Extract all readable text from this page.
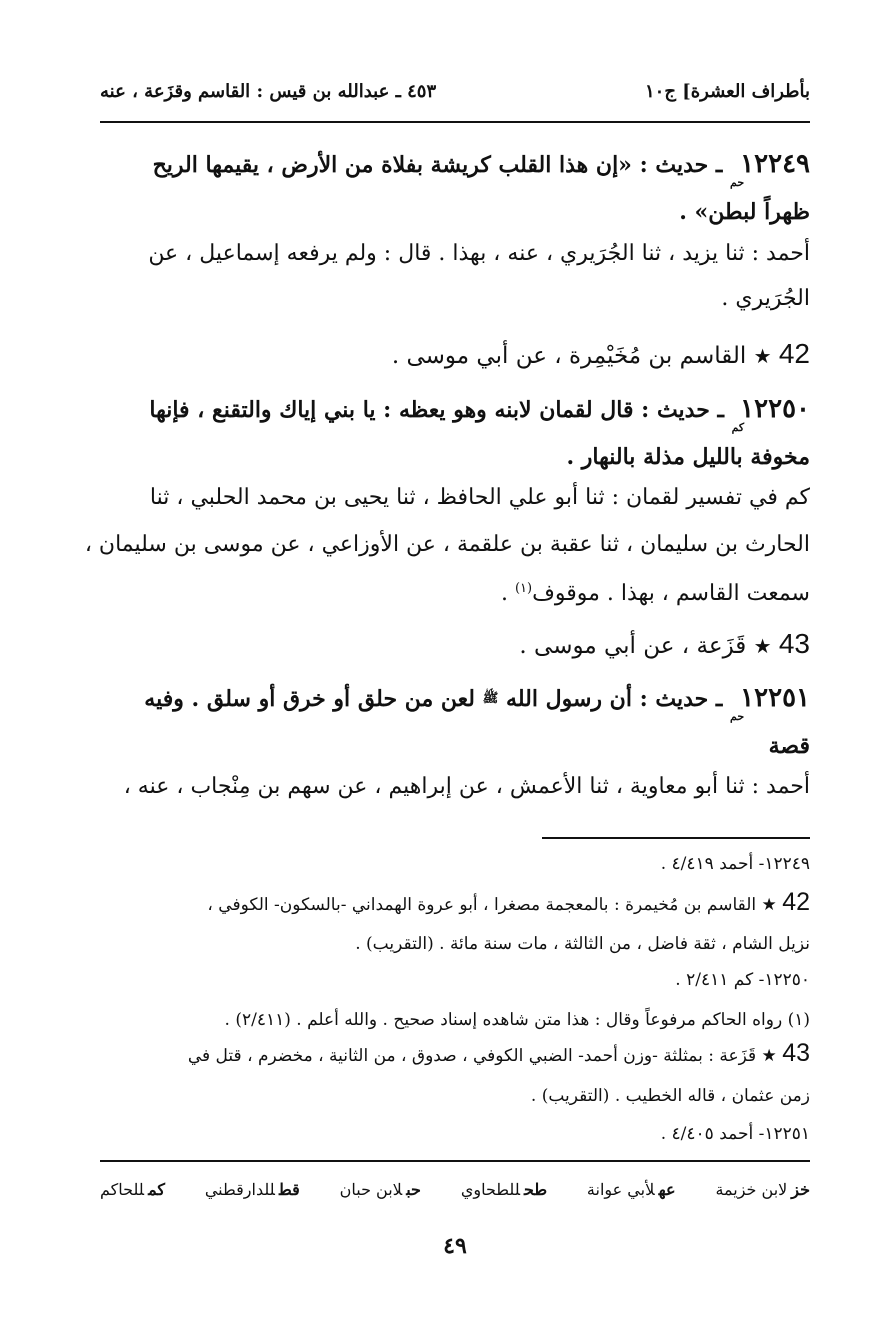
بأطراف العشرة] ج١٠
٤٥٣ ـ عبدالله بن قيس : القاسم وقزَعة ، عنه
١٢٢٤٩حم ـ حديث : «إن هذا القلب كريشة بفلاة من الأرض ، يقيمها الريح
ظهراً لبطن» .
أحمد : ثنا يزيد ، ثنا الجُرَيري ، عنه ، بهذا . قال : ولم يرفعه إسماعيل ، عن
الجُرَيري .
42 ★ القاسم بن مُخَيْمِرة ، عن أبي موسى .
١٢٢٥٠كم ـ حديث : قال لقمان لابنه وهو يعظه : يا بني إياك والتقنع ، فإنها
مخوفة بالليل مذلة بالنهار .
كم في تفسير لقمان : ثنا أبو علي الحافظ ، ثنا يحيى بن محمد الحلبي ، ثنا
الحارث بن سليمان ، ثنا عقبة بن علقمة ، عن الأوزاعي ، عن موسى بن سليمان ،
سمعت القاسم ، بهذا . موقوف$^{(١)}$ .
43 ★ قَزَعة ، عن أبي موسى .
١٢٢٥١حم ـ حديث : أن رسول الله ﷺ لعن من حلق أو خرق أو سلق . وفيه
قصة
أحمد : ثنا أبو معاوية ، ثنا الأعمش ، عن إبراهيم ، عن سهم بن مِنْجاب ، عنه ،
١٢٢٤٩- أحمد ٤/٤١٩ .
42 ★ القاسم بن مُخيمرة : بالمعجمة مصغرا ، أبو عروة الهمداني -بالسكون- الكوفي ،
نزيل الشام ، ثقة فاضل ، من الثالثة ، مات سنة مائة . (التقريب) .
١٢٢٥٠- كم ٢/٤١١ .
(١) رواه الحاكم مرفوعاً وقال : هذا متن شاهده إسناد صحيح . والله أعلم . (٢/٤١١) .
43 ★ قَزَعة : بمثلثة -وزن أحمد- الضبي الكوفي ، صدوق ، من الثانية ، مخضرم ، قتل في
زمن عثمان ، قاله الخطيب . (التقريب) .
١٢٢٥١- أحمد ٤/٤٠٥ .
خزلابن خزيمة
عهلأبي عوانة
طحللطحاوي
حبلابن حبان
قطللدارقطني
كمللحاكم
٤٩
